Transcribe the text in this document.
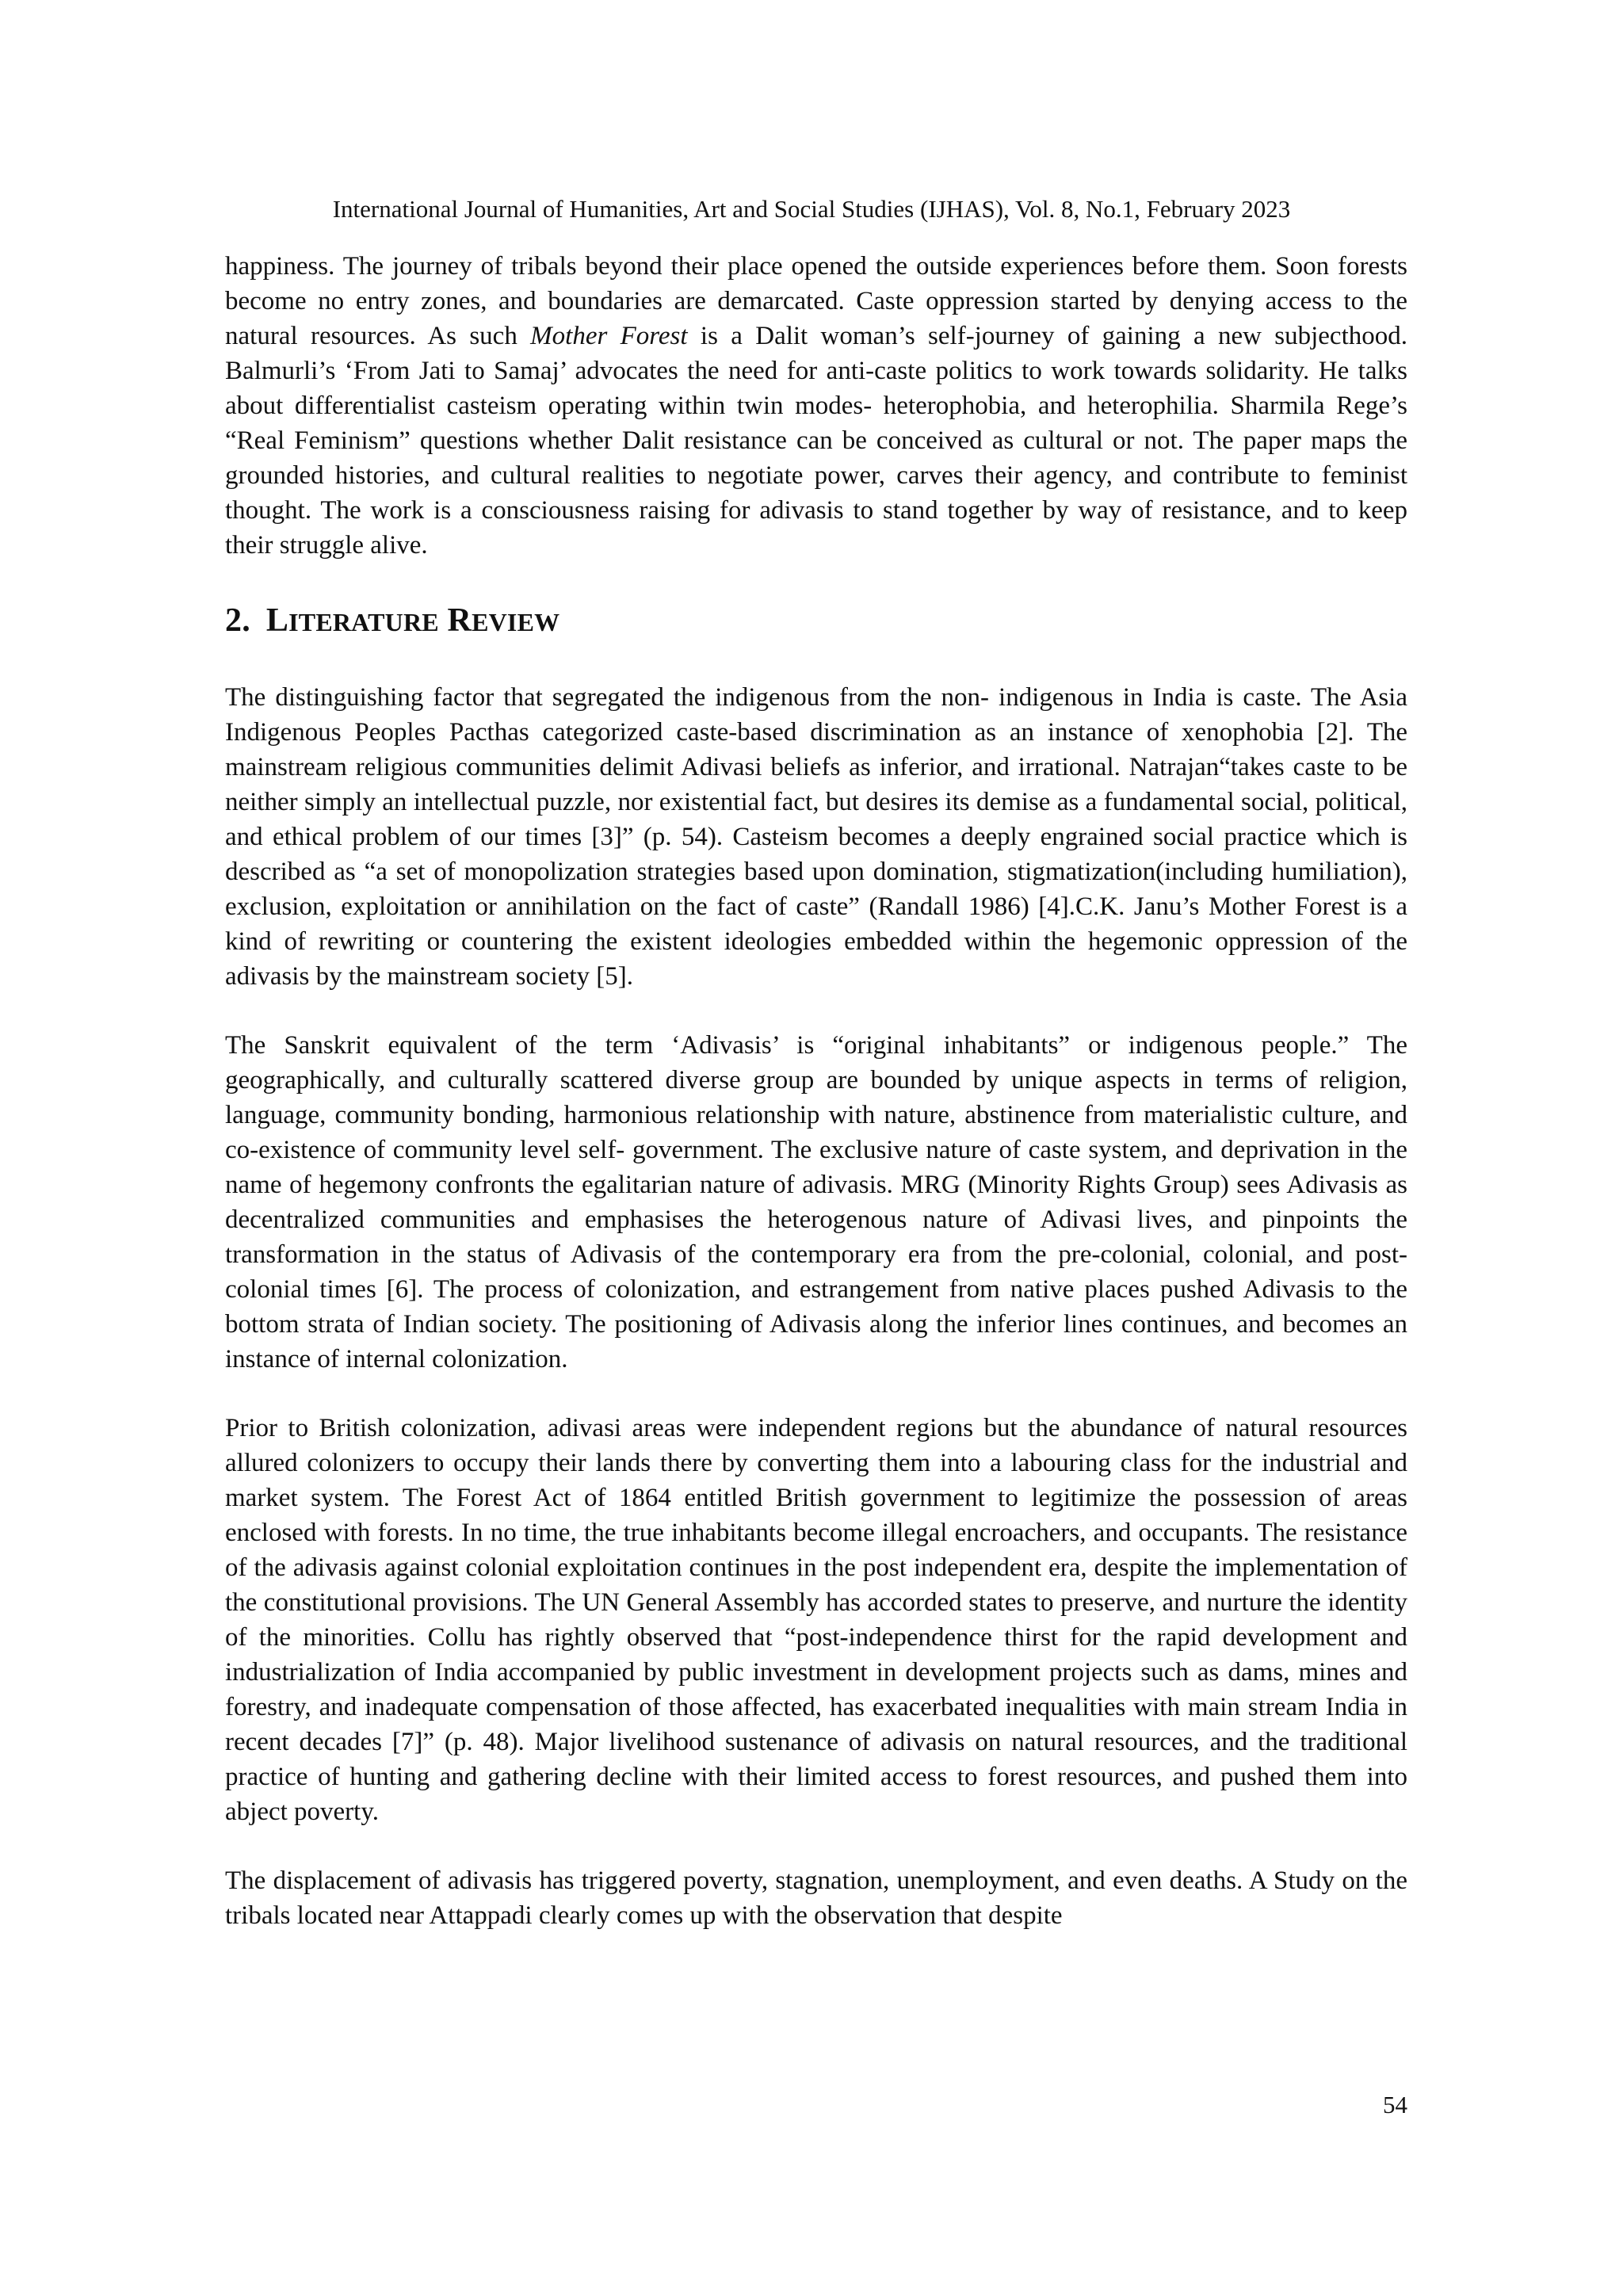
International Journal of Humanities, Art and Social Studies (IJHAS), Vol. 8, No.1, February 2023

happiness. The journey of tribals beyond their place opened the outside experiences before them. Soon forests become no entry zones, and boundaries are demarcated. Caste oppression started by denying access to the natural resources. As such Mother Forest is a Dalit woman’s self-journey of gaining a new subjecthood. Balmurli’s ‘From Jati to Samaj’ advocates the need for anti-caste politics to work towards solidarity. He talks about differentialist casteism operating within twin modes- heterophobia, and heterophilia. Sharmila Rege’s “Real Feminism” questions whether Dalit resistance can be conceived as cultural or not. The paper maps the grounded histories, and cultural realities to negotiate power, carves their agency, and contribute to feminist thought. The work is a consciousness raising for adivasis to stand together by way of resistance, and to keep their struggle alive.

2. LITERATURE REVIEW

The distinguishing factor that segregated the indigenous from the non- indigenous in India is caste. The Asia Indigenous Peoples Pacthas categorized caste-based discrimination as an instance of xenophobia [2]. The mainstream religious communities delimit Adivasi beliefs as inferior, and irrational. Natrajan“takes caste to be neither simply an intellectual puzzle, nor existential fact, but desires its demise as a fundamental social, political, and ethical problem of our times [3]” (p. 54). Casteism becomes a deeply engrained social practice which is described as “a set of monopolization strategies based upon domination, stigmatization(including humiliation), exclusion, exploitation or annihilation on the fact of caste” (Randall 1986) [4].C.K. Janu’s Mother Forest is a kind of rewriting or countering the existent ideologies embedded within the hegemonic oppression of the adivasis by the mainstream society [5].

The Sanskrit equivalent of the term ‘Adivasis’ is “original inhabitants” or indigenous people.” The geographically, and culturally scattered diverse group are bounded by unique aspects in terms of religion, language, community bonding, harmonious relationship with nature, abstinence from materialistic culture, and co-existence of community level self- government. The exclusive nature of caste system, and deprivation in the name of hegemony confronts the egalitarian nature of adivasis. MRG (Minority Rights Group) sees Adivasis as decentralized communities and emphasises the heterogenous nature of Adivasi lives, and pinpoints the transformation in the status of Adivasis of the contemporary era from the pre-colonial, colonial, and post-colonial times [6]. The process of colonization, and estrangement from native places pushed Adivasis to the bottom strata of Indian society. The positioning of Adivasis along the inferior lines continues, and becomes an instance of internal colonization.

Prior to British colonization, adivasi areas were independent regions but the abundance of natural resources allured colonizers to occupy their lands there by converting them into a labouring class for the industrial and market system. The Forest Act of 1864 entitled British government to legitimize the possession of areas enclosed with forests. In no time, the true inhabitants become illegal encroachers, and occupants. The resistance of the adivasis against colonial exploitation continues in the post independent era, despite the implementation of the constitutional provisions. The UN General Assembly has accorded states to preserve, and nurture the identity of the minorities. Collu has rightly observed that “post-independence thirst for the rapid development and industrialization of India accompanied by public investment in development projects such as dams, mines and forestry, and inadequate compensation of those affected, has exacerbated inequalities with main stream India in recent decades [7]” (p. 48). Major livelihood sustenance of adivasis on natural resources, and the traditional practice of hunting and gathering decline with their limited access to forest resources, and pushed them into abject poverty.

The displacement of adivasis has triggered poverty, stagnation, unemployment, and even deaths. A Study on the tribals located near Attappadi clearly comes up with the observation that despite

54
